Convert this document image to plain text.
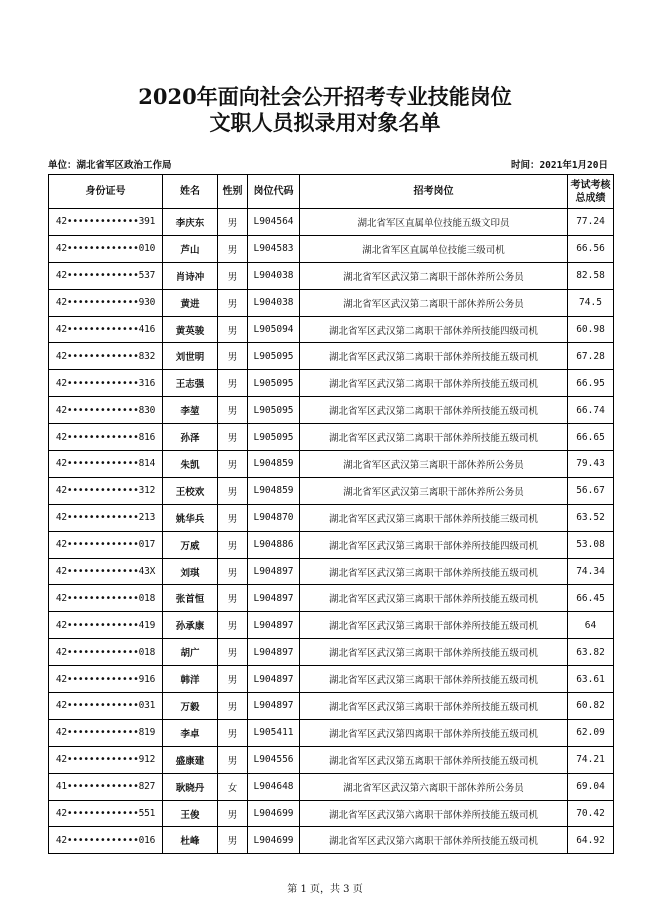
2020年面向社会公开招考专业技能岗位
文职人员拟录用对象名单
单位：湖北省军区政治工作局	时间：2021年1月20日
身份证号	姓名	性别	岗位代码	招考岗位	考试考核
总成绩

42•••••••••••••391	李庆东	男	L904564	湖北省军区直属单位技能五级文印员	77.24
42•••••••••••••010	芦山	男	L904583	湖北省军区直属单位技能三级司机	66.56
42•••••••••••••537	肖诗冲	男	L904038	湖北省军区武汉第二离职干部休养所公务员	82.58
42•••••••••••••930	黄进	男	L904038	湖北省军区武汉第二离职干部休养所公务员	74.5
42•••••••••••••416	黄英骏	男	L905094	湖北省军区武汉第二离职干部休养所技能四级司机	60.98
42•••••••••••••832	刘世明	男	L905095	湖北省军区武汉第二离职干部休养所技能五级司机	67.28
42•••••••••••••316	王志强	男	L905095	湖北省军区武汉第二离职干部休养所技能五级司机	66.95
42•••••••••••••830	李堃	男	L905095	湖北省军区武汉第二离职干部休养所技能五级司机	66.74
42•••••••••••••816	孙泽	男	L905095	湖北省军区武汉第二离职干部休养所技能五级司机	66.65
42•••••••••••••814	朱凯	男	L904859	湖北省军区武汉第三离职干部休养所公务员	79.43
42•••••••••••••312	王校欢	男	L904859	湖北省军区武汉第三离职干部休养所公务员	56.67
42•••••••••••••213	姚华兵	男	L904870	湖北省军区武汉第三离职干部休养所技能三级司机	63.52
42•••••••••••••017	万威	男	L904886	湖北省军区武汉第三离职干部休养所技能四级司机	53.08
42•••••••••••••43X	刘琪	男	L904897	湖北省军区武汉第三离职干部休养所技能五级司机	74.34
42•••••••••••••018	张首恒	男	L904897	湖北省军区武汉第三离职干部休养所技能五级司机	66.45
42•••••••••••••419	孙承康	男	L904897	湖北省军区武汉第三离职干部休养所技能五级司机	64
42•••••••••••••018	胡广	男	L904897	湖北省军区武汉第三离职干部休养所技能五级司机	63.82
42•••••••••••••916	韩洋	男	L904897	湖北省军区武汉第三离职干部休养所技能五级司机	63.61
42•••••••••••••031	万毅	男	L904897	湖北省军区武汉第三离职干部休养所技能五级司机	60.82
42•••••••••••••819	李卓	男	L905411	湖北省军区武汉第四离职干部休养所技能五级司机	62.09
42•••••••••••••912	盛康建	男	L904556	湖北省军区武汉第五离职干部休养所技能五级司机	74.21
41•••••••••••••827	耿晓丹	女	L904648	湖北省军区武汉第六离职干部休养所公务员	69.04
42•••••••••••••551	王俊	男	L904699	湖北省军区武汉第六离职干部休养所技能五级司机	70.42
42•••••••••••••016	杜峰	男	L904699	湖北省军区武汉第六离职干部休养所技能五级司机	64.92
第 1 页，共 3 页
